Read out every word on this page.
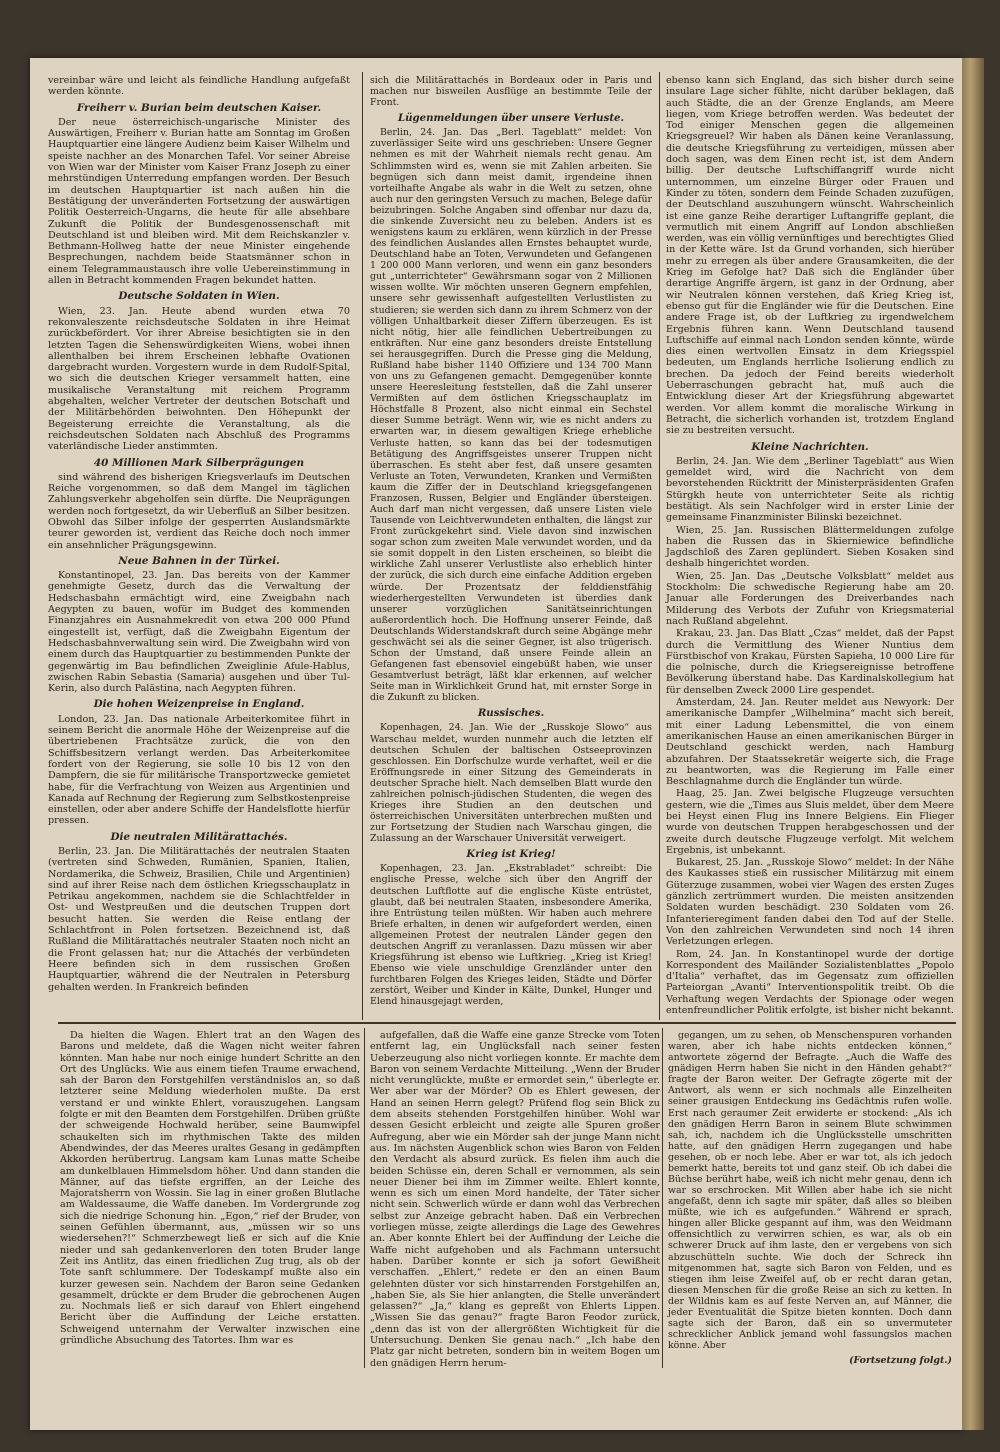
vereinbar wäre und leicht als feindliche Handlung aufgefaßt werden könnte.

Freiherr v. Burian beim deutschen Kaiser.

Der neue österreichisch-ungarische Minister des Auswärtigen, Freiherr v. Burian hatte am Sonntag im Großen Hauptquartier eine längere Audienz beim Kaiser Wilhelm und speiste nachher an des Monarchen Tafel. Vor seiner Abreise von Wien war der Minister vom Kaiser Franz Joseph zu einer mehrstündigen Unterredung empfangen worden. Der Besuch im deutschen Hauptquartier ist nach außen hin die Bestätigung der unveränderten Fortsetzung der auswärtigen Politik Oesterreich-Ungarns, die heute für alle absehbare Zukunft die Politik der Bundesgenossenschaft mit Deutschland ist und bleiben wird. Mit dem Reichskanzler v. Bethmann-Hollweg hatte der neue Minister eingehende Besprechungen, nachdem beide Staatsmänner schon in einem Telegrammaustausch ihre volle Uebereinstimmung in allen in Betracht kommenden Fragen bekundet hatten.

Deutsche Soldaten in Wien.

Wien, 23. Jan. Heute abend wurden etwa 70 rekonvaleszente reichsdeutsche Soldaten in ihre Heimat zurückbefördert. Vor ihrer Abreise besichtigten sie in den letzten Tagen die Sehenswürdigkeiten Wiens, wobei ihnen allenthalben bei ihrem Erscheinen lebhafte Ovationen dargebracht wurden. Vorgestern wurde in dem Rudolf-Spital, wo sich die deutschen Krieger versammelt hatten, eine musikalische Veranstaltung mit reichem Programm abgehalten, welcher Vertreter der deutschen Botschaft und der Militärbehörden beiwohnten. Den Höhepunkt der Begeisterung erreichte die Veranstaltung, als die reichsdeutschen Soldaten nach Abschluß des Programms vaterländische Lieder anstimmten.

40 Millionen Mark Silberprägungen

sind während des bisherigen Kriegsverlaufs im Deutschen Reiche vorgenommen, so daß dem Mangel im täglichen Zahlungsverkehr abgeholfen sein dürfte. Die Neuprägungen werden noch fortgesetzt, da wir Ueberfluß an Silber besitzen. Obwohl das Silber infolge der gesperrten Auslandsmärkte teurer geworden ist, verdient das Reiche doch noch immer ein ansehnlicher Prägungsgewinn.

Neue Bahnen in der Türkei.

Konstantinopel, 23. Jan. Das bereits von der Kammer genehmigte Gesetz, durch das die Verwaltung der Hedschasbahn ermächtigt wird, eine Zweigbahn nach Aegypten zu bauen, wofür im Budget des kommenden Finanzjahres ein Ausnahmekredit von etwa 200 000 Pfund eingestellt ist, verfügt, daß die Zweigbahn Eigentum der Hedschasbahnverwaltung sein wird. Die Zweigbahn wird von einem durch das Hauptquartier zu bestimmenden Punkte der gegenwärtig im Bau befindlichen Zweiglinie Afule-Hablus, zwischen Rabin Sebastia (Samaria) ausgehen und über Tul-Kerin, also durch Palästina, nach Aegypten führen.

Die hohen Weizenpreise in England.

London, 23. Jan. Das nationale Arbeiterkomitee führt in seinem Bericht die anormale Höhe der Weizenpreise auf die übertriebenen Frachtsätze zurück, die von den Schiffsbesitzern verlangt werden. Das Arbeiterkomitee fordert von der Regierung, sie solle 10 bis 12 von den Dampfern, die sie für militärische Transportzwecke gemietet habe, für die Verfrachtung von Weizen aus Argentinien und Kanada auf Rechnung der Regierung zum Selbstkostenpreise einstellen, oder aber andere Schiffe der Handelsflotte hierfür pressen.

Die neutralen Militärattachés.

Berlin, 23. Jan. Die Militärattachés der neutralen Staaten (vertreten sind Schweden, Rumänien, Spanien, Italien, Nordamerika, die Schweiz, Brasilien, Chile und Argentinien) sind auf ihrer Reise nach dem östlichen Kriegsschauplatz in Petrikau angekommen, nachdem sie die Schlachtfelder in Ost- und Westpreußen und die deutschen Truppen dort besucht hatten. Sie werden die Reise entlang der Schlachtfront in Polen fortsetzen. Bezeichnend ist, daß Rußland die Militärattachés neutraler Staaten noch nicht an die Front gelassen hat; nur die Attachés der verbündeten Heere befinden sich in dem russischen Großen Hauptquartier, während die der Neutralen in Petersburg gehalten werden. In Frankreich befinden

sich die Militärattachés in Bordeaux oder in Paris und machen nur bisweilen Ausflüge an bestimmte Teile der Front.

Lügenmeldungen über unsere Verluste.

Berlin, 24. Jan. Das „Berl. Tageblatt“ meldet: Von zuverlässiger Seite wird uns geschrieben: Unsere Gegner nehmen es mit der Wahrheit niemals recht genau. Am Schlimmsten wird es, wenn sie mit Zahlen arbeiten. Sie begnügen sich dann meist damit, irgendeine ihnen vorteilhafte Angabe als wahr in die Welt zu setzen, ohne auch nur den geringsten Versuch zu machen, Belege dafür beizubringen. Solche Angaben sind offenbar nur dazu da, die sinkende Zuversicht neu zu beleben. Anders ist es wenigstens kaum zu erklären, wenn kürzlich in der Presse des feindlichen Auslandes allen Ernstes behauptet wurde, Deutschland habe an Toten, Verwundeten und Gefangenen 1 200 000 Mann verloren, und wenn ein ganz besonders gut „unterrichteter“ Gewährsmann sogar von 2 Millionen wissen wollte. Wir möchten unseren Gegnern empfehlen, unsere sehr gewissenhaft aufgestellten Verlustlisten zu studieren; sie werden sich dann zu ihrem Schmerz von der völligen Unhaltbarkeit dieser Ziffern überzeugen. Es ist nicht nötig, hier alle feindlichen Uebertreibungen zu entkräften. Nur eine ganz besonders dreiste Entstellung sei herausgegriffen. Durch die Presse ging die Meldung, Rußland habe bisher 1140 Offiziere und 134 700 Mann von uns zu Gefangenen gemacht. Demgegenüber konnte unsere Heeresleitung feststellen, daß die Zahl unserer Vermißten auf dem östlichen Kriegsschauplatz im Höchstfalle 8 Prozent, also nicht einmal ein Sechstel dieser Summe beträgt. Wenn wir, wie es nicht anders zu erwarten war, in diesem gewaltigen Kriege erhebliche Verluste hatten, so kann das bei der todesmutigen Betätigung des Angriffsgeistes unserer Truppen nicht überraschen. Es steht aber fest, daß unsere gesamten Verluste an Toten, Verwundeten, Kranken und Vermißten kaum die Ziffer der in Deutschland kriegsgefangenen Franzosen, Russen, Belgier und Engländer übersteigen. Auch darf man nicht vergessen, daß unsere Listen viele Tausende von Leichtverwundeten enthalten, die längst zur Front zurückgekehrt sind. Viele davon sind inzwischen sogar schon zum zweiten Male verwundet worden, und da sie somit doppelt in den Listen erscheinen, so bleibt die wirkliche Zahl unserer Verlustliste also erheblich hinter der zurück, die sich durch eine einfache Addition ergeben würde. Der Prozentsatz der felddienstfähig wiederhergestellten Verwundeten ist überdies dank unserer vorzüglichen Sanitätseinrichtungen außerordentlich hoch. Die Hoffnung unserer Feinde, daß Deutschlands Widerstandskraft durch seine Abgänge mehr geschwächt sei als die seiner Gegner, ist also trügerisch. Schon der Umstand, daß unsere Feinde allein an Gefangenen fast ebensoviel eingebüßt haben, wie unser Gesamtverlust beträgt, läßt klar erkennen, auf welcher Seite man in Wirklichkeit Grund hat, mit ernster Sorge in die Zukunft zu blicken.

Russisches.

Kopenhagen, 24. Jan. Wie der „Russkoje Slowo“ aus Warschau meldet, wurden nunmehr auch die letzten elf deutschen Schulen der baltischen Ostseeprovinzen geschlossen. Ein Dorfschulze wurde verhaftet, weil er die Eröffnungsrede in einer Sitzung des Gemeinderats in deutscher Sprache hielt. Nach demselben Blatt wurde den zahlreichen polnisch-jüdischen Studenten, die wegen des Krieges ihre Studien an den deutschen und österreichischen Universitäten unterbrechen mußten und zur Fortsetzung der Studien nach Warschau gingen, die Zulassung an der Warschauer Universität verweigert.

Krieg ist Krieg!

Kopenhagen, 23. Jan. „Ekstrabladet“ schreibt: Die englische Presse, welche sich über den Angriff der deutschen Luftflotte auf die englische Küste entrüstet, glaubt, daß bei neutralen Staaten, insbesondere Amerika, ihre Entrüstung teilen müßten. Wir haben auch mehrere Briefe erhalten, in denen wir aufgefordert werden, einen allgemeinen Protest der neutralen Länder gegen den deutschen Angriff zu veranlassen. Dazu müssen wir aber Kriegsführung ist ebenso wie Luftkrieg. „Krieg ist Krieg! Ebenso wie viele unschuldige Grenzländer unter den furchtbaren Folgen des Krieges leiden, Städte und Dörfer zerstört, Weiber und Kinder in Kälte, Dunkel, Hunger und Elend hinausgejagt werden,

ebenso kann sich England, das sich bisher durch seine insulare Lage sicher fühlte, nicht darüber beklagen, daß auch Städte, die an der Grenze Englands, am Meere liegen, vom Kriege betroffen werden. Was bedeutet der Tod einiger Menschen gegen die allgemeinen Kriegsgreuel? Wir haben als Dänen keine Veranlassung, die deutsche Kriegsführung zu verteidigen, müssen aber doch sagen, was dem Einen recht ist, ist dem Andern billig. Der deutsche Luftschiffangriff wurde nicht unternommen, um einzelne Bürger oder Frauen und Kinder zu töten, sondern dem Feinde Schaden zuzufügen, der Deutschland auszuhungern wünscht. Wahrscheinlich ist eine ganze Reihe derartiger Luftangriffe geplant, die vermutlich mit einem Angriff auf London abschließen werden, was ein völlig vernünftiges und berechtigtes Glied in der Kette wäre. Ist da Grund vorhanden, sich hierüber mehr zu erregen als über andere Grausamkeiten, die der Krieg im Gefolge hat? Daß sich die Engländer über derartige Angriffe ärgern, ist ganz in der Ordnung, aber wir Neutralen können verstehen, daß Krieg Krieg ist, ebenso gut für die Engländer wie für die Deutschen. Eine andere Frage ist, ob der Luftkrieg zu irgendwelchem Ergebnis führen kann. Wenn Deutschland tausend Luftschiffe auf einmal nach London senden könnte, würde dies einen wertvollen Einsatz in dem Kriegsspiel bedeuten, um Englands herrliche Isolierung endlich zu brechen. Da jedoch der Feind bereits wiederholt Ueberraschungen gebracht hat, muß auch die Entwicklung dieser Art der Kriegsführung abgewartet werden. Vor allem kommt die moralische Wirkung in Betracht, die sicherlich vorhanden ist, trotzdem England sie zu bestreiten versucht.

Kleine Nachrichten.

Berlin, 24. Jan. Wie dem „Berliner Tageblatt“ aus Wien gemeldet wird, wird die Nachricht von dem bevorstehenden Rücktritt der Ministerpräsidenten Grafen Stürgkh heute von unterrichteter Seite als richtig bestätigt. Als sein Nachfolger wird in erster Linie der gemeinsame Finanzminister Bilinski bezeichnet.

Wien, 25. Jan. Russischen Blättermeldungen zufolge haben die Russen das in Skierniewice befindliche Jagdschloß des Zaren geplündert. Sieben Kosaken sind deshalb hingerichtet worden.

Wien, 25. Jan. Das „Deutsche Volksblatt“ meldet aus Stockholm: Die schwedische Regierung habe am 20. Januar alle Forderungen des Dreiverbandes nach Milderung des Verbots der Zufuhr von Kriegsmaterial nach Rußland abgelehnt.

Krakau, 23. Jan. Das Blatt „Czas“ meldet, daß der Papst durch die Vermittlung des Wiener Nuntius dem Fürstbischof von Krakau, Fürsten Sapieha, 10 000 Lire für die polnische, durch die Kriegsereignisse betroffene Bevölkerung überstand habe. Das Kardinalskollegium hat für denselben Zweck 2000 Lire gespendet.

Amsterdam, 24. Jan. Reuter meldet aus Newyork: Der amerikanische Dampfer „Wilhelmina“ macht sich bereit, mit einer Ladung Lebensmittel, die von einem amerikanischen Hause an einen amerikanischen Bürger in Deutschland geschickt werden, nach Hamburg abzufahren. Der Staatssekretär weigerte sich, die Frage zu beantworten, was die Regierung im Falle einer Beschlagnahme durch die Engländer tun würde.

Haag, 25. Jan. Zwei belgische Flugzeuge versuchten gestern, wie die „Times aus Sluis meldet, über dem Meere bei Heyst einen Flug ins Innere Belgiens. Ein Flieger wurde von deutschen Truppen herabgeschossen und der zweite durch deutsche Flugzeuge verfolgt. Mit welchem Ergebnis, ist unbekannt.

Bukarest, 25. Jan. „Russkoje Slowo“ meldet: In der Nähe des Kaukasses stieß ein russischer Militärzug mit einem Güterzuge zusammen, wobei vier Wagen des ersten Zuges gänzlich zertrümmert wurden. Die meisten ansitzenden Soldaten wurden beschädigt. 230 Soldaten vom 26. Infanterieregiment fanden dabei den Tod auf der Stelle. Von den zahlreichen Verwundeten sind noch 14 ihren Verletzungen erlegen.

Rom, 24. Jan. In Konstantinopel wurde der dortige Korrespondent des Mailänder Sozialistenblattes „Popolo d'Italia“ verhaftet, das im Gegensatz zum offiziellen Parteiorgan „Avanti“ Interventionspolitik treibt. Ob die Verhaftung wegen Verdachts der Spionage oder wegen entenfreundlicher Politik erfolgte, ist bisher nicht bekannt.

Da hielten die Wagen. Ehlert trat an den Wagen des Barons und meldete, daß die Wagen nicht weiter fahren könnten. Man habe nur noch einige hundert Schritte an den Ort des Unglücks. Wie aus einem tiefen Traume erwachend, sah der Baron den Forstgehilfen verständnislos an, so daß letzterer seine Meldung wiederholen mußte. Da erst verstand er und winkte Ehlert, vorauszugehen. Langsam folgte er mit den Beamten dem Forstgehilfen. Drüben grüßte der schweigende Hochwald herüber, seine Baumwipfel schaukelten sich im rhythmischen Takte des milden Abendwindes, der das Meeres uraltes Gesang in gedämpften Akkorden herübertrug. Langsam kam Lunas matte Scheibe am dunkelblauen Himmelsdom höher. Und dann standen die Männer, auf das tiefste ergriffen, an der Leiche des Majoratsherrn von Wossin. Sie lag in einer großen Blutlache am Waldessaume, die Waffe daneben. Im Vordergrunde zog sich die niedrige Schonung hin. „Egon,“ rief der Bruder, von seinen Gefühlen übermannt, aus, „müssen wir so uns wiedersehen?!“ Schmerzbewegt ließ er sich auf die Knie nieder und sah gedankenverloren den toten Bruder lange Zeit ins Antlitz, das einen friedlichen Zug trug, als ob der Tote sanft schlummere. Der Todeskampf mußte also ein kurzer gewesen sein. Nachdem der Baron seine Gedanken gesammelt, drückte er dem Bruder die gebrochenen Augen zu. Nochmals ließ er sich darauf von Ehlert eingehend Bericht über die Auffindung der Leiche erstatten. Schweigend unternahm der Verwalter inzwischen eine gründliche Absuchung des Tatortes. Ihm war es

aufgefallen, daß die Waffe eine ganze Strecke vom Toten entfernt lag, ein Unglücksfall nach seiner festen Ueberzeugung also nicht vorliegen konnte. Er machte dem Baron von seinem Verdachte Mitteilung. „Wenn der Bruder nicht verunglückte, mußte er ermordet sein,“ überlegte er. Wer aber war der Mörder? Ob es Ehlert gewesen, der Hand an seinen Herrn gelegt? Prüfend flog sein Blick zu dem abseits stehenden Forstgehilfen hinüber. Wohl war dessen Gesicht erbleicht und zeigte alle Spuren großer Aufregung, aber wie ein Mörder sah der junge Mann nicht aus. Im nächsten Augenblick schon wies Baron von Felden den Verdacht als absurd zurück. Es fielen ihm auch die beiden Schüsse ein, deren Schall er vernommen, als sein neuer Diener bei ihm im Zimmer weilte. Ehlert konnte, wenn es sich um einen Mord handelte, der Täter sicher nicht sein. Schwerlich würde er dann wohl das Verbrechen selbst zur Anzeige gebracht haben. Daß ein Verbrechen vorliegen müsse, zeigte allerdings die Lage des Gewehres an. Aber konnte Ehlert bei der Auffindung der Leiche die Waffe nicht aufgehoben und als Fachmann untersucht haben. Darüber konnte er sich ja sofort Gewißheit verschaffen. „Ehlert,“ redete er den an einen Baum gelehnten düster vor sich hinstarrenden Forstgehilfen an, „haben Sie, als Sie hier anlangten, die Stelle unverändert gelassen?“ „Ja,“ klang es gepreßt von Ehlerts Lippen. „Wissen Sie das genau?“ fragte Baron Feodor zurück, „denn das ist von der allergrößten Wichtigkeit für die Untersuchung. Denken Sie genau nach.“ „Ich habe den Platz gar nicht betreten, sondern bin in weitem Bogen um den gnädigen Herrn herum-

gegangen, um zu sehen, ob Menschenspuren vorhanden waren, aber ich habe nichts entdecken können,“ antwortete zögernd der Befragte. „Auch die Waffe des gnädigen Herrn haben Sie nicht in den Händen gehabt?“ fragte der Baron weiter. Der Gefragte zögerte mit der Antwort, als wenn er sich nochmals alle Einzelheiten seiner grausigen Entdeckung ins Gedächtnis rufen wolle. Erst nach geraumer Zeit erwiderte er stockend: „Als ich den gnädigen Herrn Baron in seinem Blute schwimmen sah, ich, nachdem ich die Unglücksstelle umschritten hatte, auf den gnädigen Herrn zugegangen und habe gesehen, ob er noch lebe. Aber er war tot, als ich jedoch bemerkt hatte, bereits tot und ganz steif. Ob ich dabei die Büchse berührt habe, weiß ich nicht mehr genau, denn ich war so erschrocken. Mit Willen aber habe ich sie nicht angefaßt, denn ich sagte mir später, daß alles so bleiben müßte, wie ich es aufgefunden.“ Während er sprach, hingen aller Blicke gespannt auf ihm, was den Weidmann offensichtlich zu verwirren schien, es war, als ob ein schwerer Druck auf ihm laste, den er vergebens von sich abzuschütteln suchte. Wie doch der Schreck ihn mitgenommen hat, sagte sich Baron von Felden, und es stiegen ihm leise Zweifel auf, ob er recht daran getan, diesen Menschen für die große Reise an sich zu ketten. In der Wildnis kam es auf feste Nerven an, auf Männer, die jeder Eventualität die Spitze bieten konnten. Doch dann sagte sich der Baron, daß ein so unvermuteter schrecklicher Anblick jemand wohl fassungslos machen könne. Aber

(Fortsetzung folgt.)
